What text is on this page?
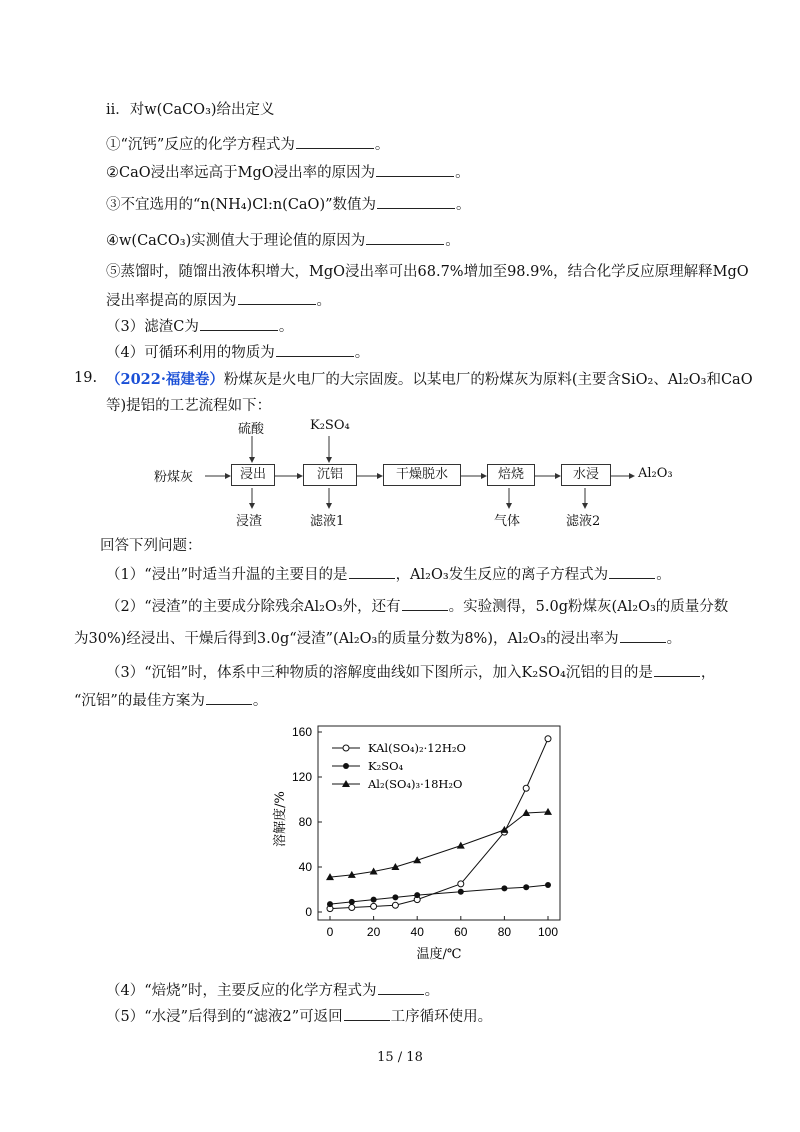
ii．对w(CaCO₃)给出定义
①“沉钙”反应的化学方程式为	。
②CaO浸出率远高于MgO浸出率的原因为	。
③不宜选用的“n(NH₄)Cl:n(CaO)”数值为	。
④w(CaCO₃)实测值大于理论值的原因为	。
⑤蒸馏时，随馏出液体积增大，MgO浸出率可出68.7%增加至98.9%，结合化学反应原理解释MgO
浸出率提高的原因为	。
（3）滤渣C为	。
（4）可循环利用的物质为	。
19. （2022·福建卷）粉煤灰是火电厂的大宗固废。以某电厂的粉煤灰为原料(主要含SiO₂、Al₂O₃和CaO
等)提铝的工艺流程如下：
粉煤灰
硫酸	K₂SO₄
浸出	沉铝	干燥脱水	焙烧	水浸	Al₂O₃
浸渣	滤液1	气体	滤液2
回答下列问题：
（1）“浸出”时适当升温的主要目的是	，Al₂O₃发生反应的离子方程式为	。
（2）“浸渣”的主要成分除残余Al₂O₃外，还有	。实验测得，5.0g粉煤灰(Al₂O₃的质量分数
为30%)经浸出、干燥后得到3.0g“浸渣”(Al₂O₃的质量分数为8%)，Al₂O₃的浸出率为	。
（3）“沉铝”时，体系中三种物质的溶解度曲线如下图所示，加入K₂SO₄沉铝的目的是	，
“沉铝”的最佳方案为	。
0	20	40	60	80 100
0
40
80
120
160
温度/℃
溶解度/%
KAl(SO₄)₂·12H₂O
K₂SO₄
Al₂(SO₄)₃·18H₂O
（4）“焙烧”时，主要反应的化学方程式为	。
（5）“水浸”后得到的“滤液2”可返回	工序循环使用。
15 / 18
